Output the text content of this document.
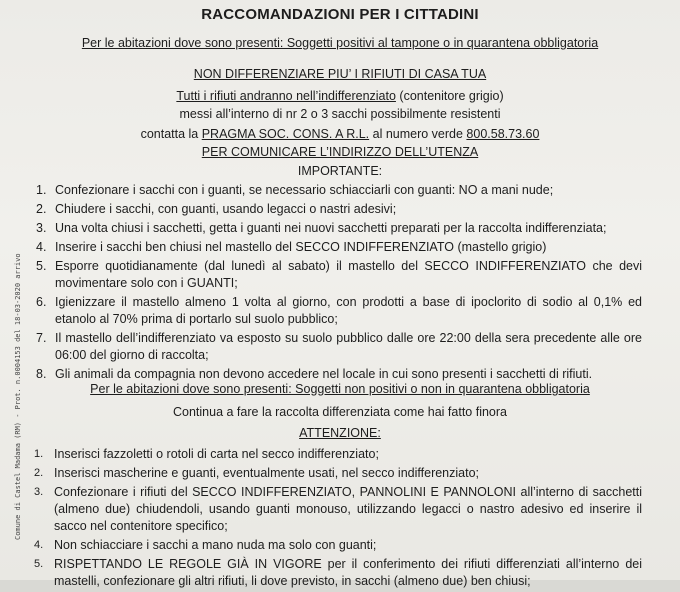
Comune di Castel Madama (RM) - Prot. n.0004153 del 18-03-2020 arrivo
RACCOMANDAZIONI PER I CITTADINI
Per le abitazioni dove sono presenti: Soggetti positivi al tampone o in quarantena obbligatoria
NON DIFFERENZIARE PIU’ I RIFIUTI DI CASA TUA
Tutti i rifiuti andranno nell’indifferenziato (contenitore grigio)
messi all’interno di nr 2 o 3 sacchi possibilmente resistenti
contatta la PRAGMA SOC. CONS. A R.L. al numero verde 800.58.73.60
PER COMUNICARE L’INDIRIZZO DELL’UTENZA
IMPORTANTE:
1. Confezionare i sacchi con i guanti, se necessario schiacciarli con guanti: NO a mani nude;
2. Chiudere i sacchi, con guanti, usando legacci o nastri adesivi;
3. Una volta chiusi i sacchetti, getta i guanti nei nuovi sacchetti preparati per la raccolta indifferenziata;
4. Inserire i sacchi ben chiusi nel mastello del SECCO INDIFFERENZIATO (mastello grigio)
5. Esporre quotidianamente (dal lunedì al sabato) il mastello del SECCO INDIFFERENZIATO che devi movimentare solo con i GUANTI;
6. Igienizzare il mastello almeno 1 volta al giorno, con prodotti a base di ipoclorito di sodio al 0,1% ed etanolo al 70% prima di portarlo sul suolo pubblico;
7. Il mastello dell’indifferenziato va esposto su suolo pubblico dalle ore 22:00 della sera precedente alle ore 06:00 del giorno di raccolta;
8. Gli animali da compagnia non devono accedere nel locale in cui sono presenti i sacchetti di rifiuti.
Per le abitazioni dove sono presenti: Soggetti non positivi o non in quarantena obbligatoria
Continua a fare la raccolta differenziata come hai fatto finora
ATTENZIONE:
1. Inserisci fazzoletti o rotoli di carta nel secco indifferenziato;
2. Inserisci mascherine e guanti, eventualmente usati, nel secco indifferenziato;
3. Confezionare i rifiuti del SECCO INDIFFERENZIATO, PANNOLINI E PANNOLONI all’interno di sacchetti (almeno due) chiudendoli, usando guanti monouso, utilizzando legacci o nastro adesivo ed inserire il sacco nel contenitore specifico;
4. Non schiacciare i sacchi a mano nuda ma solo con guanti;
5. RISPETTANDO LE REGOLE GIÀ IN VIGORE per il conferimento dei rifiuti differenziati all’interno dei mastelli, confezionare gli altri rifiuti, li dove previsto, in sacchi (almeno due) ben chiusi;
